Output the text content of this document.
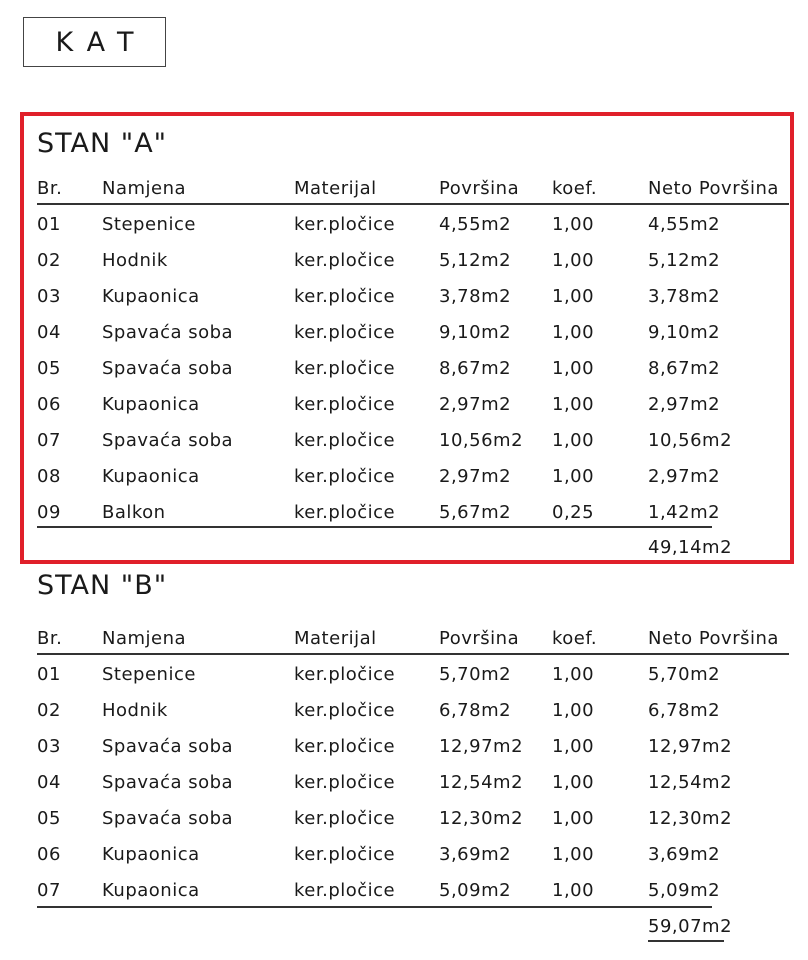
KAT
STAN "A"
Br. Namjena	Materijal	Površina koef.	Neto Površina
01 Stepenice	ker.pločice 4,55m2 1,00	4,55m2
02 Hodnik	ker.pločice 5,12m2 1,00	5,12m2
03 Kupaonica	ker.pločice 3,78m2 1,00	3,78m2
04 Spavaća soba	ker.pločice 9,10m2 1,00	9,10m2
05 Spavaća soba	ker.pločice 8,67m2 1,00	8,67m2
06 Kupaonica	ker.pločice 2,97m2 1,00	2,97m2
07 Spavaća soba	ker.pločice 10,56m2 1,00	10,56m2
08 Kupaonica	ker.pločice 2,97m2 1,00	2,97m2
09 Balkon	ker.pločice 5,67m2 0,25	1,42m2
49,14m2
STAN "B"
Br. Namjena	Materijal	Površina koef.	Neto Površina
01 Stepenice	ker.pločice 5,70m2 1,00	5,70m2
02 Hodnik	ker.pločice 6,78m2 1,00	6,78m2
03 Spavaća soba	ker.pločice 12,97m2 1,00	12,97m2
04 Spavaća soba	ker.pločice 12,54m2 1,00	12,54m2
05 Spavaća soba	ker.pločice 12,30m2 1,00	12,30m2
06 Kupaonica	ker.pločice 3,69m2 1,00	3,69m2
07 Kupaonica	ker.pločice 5,09m2 1,00	5,09m2
59,07m2
